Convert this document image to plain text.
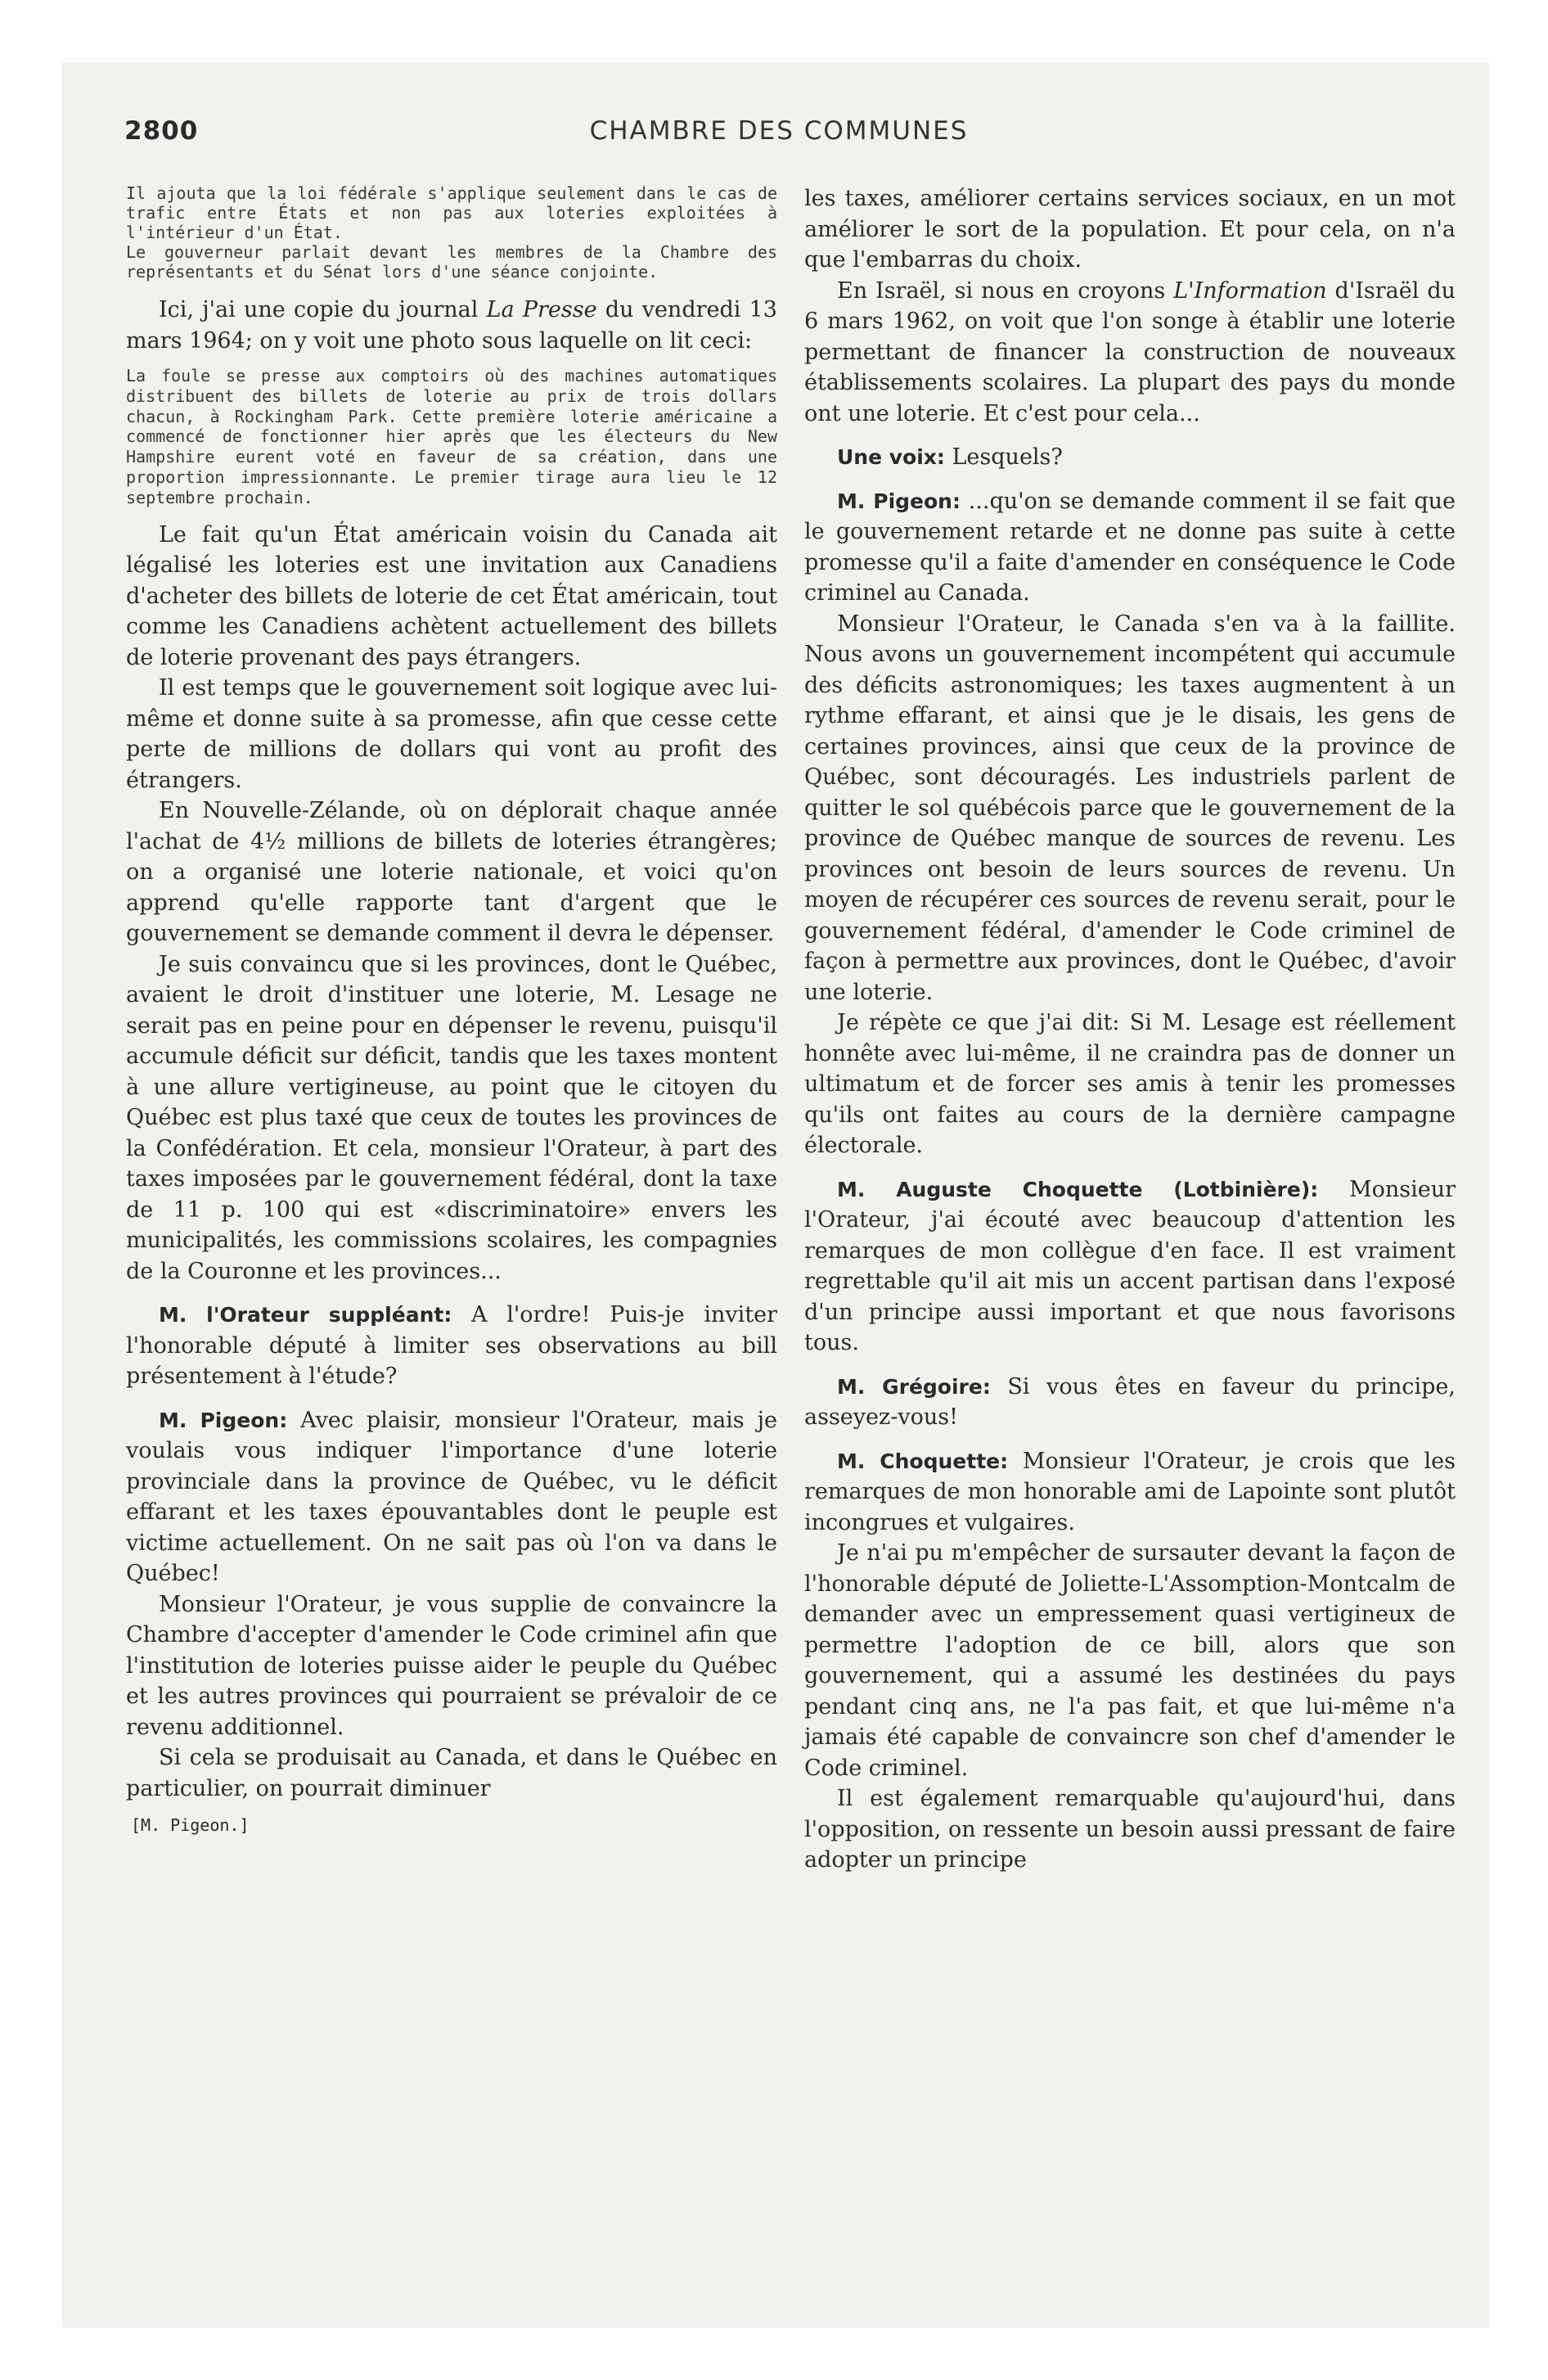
2800	CHAMBRE DES COMMUNES

Il ajouta que la loi fédérale s'applique seulement dans le cas de trafic entre États et non pas aux loteries exploitées à l'intérieur d'un État.

Le gouverneur parlait devant les membres de la Chambre des représentants et du Sénat lors d'une séance conjointe.

Ici, j'ai une copie du journal La Presse du vendredi 13 mars 1964; on y voit une photo sous laquelle on lit ceci:

La foule se presse aux comptoirs où des machines automatiques distribuent des billets de loterie au prix de trois dollars chacun, à Rockingham Park. Cette première loterie américaine a commencé de fonctionner hier après que les électeurs du New Hampshire eurent voté en faveur de sa création, dans une proportion impressionnante. Le premier tirage aura lieu le 12 septembre prochain.

Le fait qu'un État américain voisin du Canada ait légalisé les loteries est une invitation aux Canadiens d'acheter des billets de loterie de cet État américain, tout comme les Canadiens achètent actuellement des billets de loterie provenant des pays étrangers.

Il est temps que le gouvernement soit logique avec lui-même et donne suite à sa promesse, afin que cesse cette perte de millions de dollars qui vont au profit des étrangers.

En Nouvelle-Zélande, où on déplorait chaque année l'achat de 4½ millions de billets de loteries étrangères; on a organisé une loterie nationale, et voici qu'on apprend qu'elle rapporte tant d'argent que le gouvernement se demande comment il devra le dépenser.

Je suis convaincu que si les provinces, dont le Québec, avaient le droit d'instituer une loterie, M. Lesage ne serait pas en peine pour en dépenser le revenu, puisqu'il accumule déficit sur déficit, tandis que les taxes montent à une allure vertigineuse, au point que le citoyen du Québec est plus taxé que ceux de toutes les provinces de la Confédération. Et cela, monsieur l'Orateur, à part des taxes imposées par le gouvernement fédéral, dont la taxe de 11 p. 100 qui est «discriminatoire» envers les municipalités, les commissions scolaires, les compagnies de la Couronne et les provinces...

M. l'Orateur suppléant: A l'ordre! Puis-je inviter l'honorable député à limiter ses observations au bill présentement à l'étude?

M. Pigeon: Avec plaisir, monsieur l'Orateur, mais je voulais vous indiquer l'importance d'une loterie provinciale dans la province de Québec, vu le déficit effarant et les taxes épouvantables dont le peuple est victime actuellement. On ne sait pas où l'on va dans le Québec!

Monsieur l'Orateur, je vous supplie de convaincre la Chambre d'accepter d'amender le Code criminel afin que l'institution de loteries puisse aider le peuple du Québec et les autres provinces qui pourraient se prévaloir de ce revenu additionnel.

Si cela se produisait au Canada, et dans le Québec en particulier, on pourrait diminuer

[M. Pigeon.]

les taxes, améliorer certains services sociaux, en un mot améliorer le sort de la population. Et pour cela, on n'a que l'embarras du choix.

En Israël, si nous en croyons L'Information d'Israël du 6 mars 1962, on voit que l'on songe à établir une loterie permettant de financer la construction de nouveaux établissements scolaires. La plupart des pays du monde ont une loterie. Et c'est pour cela...

Une voix: Lesquels?

M. Pigeon: ...qu'on se demande comment il se fait que le gouvernement retarde et ne donne pas suite à cette promesse qu'il a faite d'amender en conséquence le Code criminel au Canada.

Monsieur l'Orateur, le Canada s'en va à la faillite. Nous avons un gouvernement incompétent qui accumule des déficits astronomiques; les taxes augmentent à un rythme effarant, et ainsi que je le disais, les gens de certaines provinces, ainsi que ceux de la province de Québec, sont découragés. Les industriels parlent de quitter le sol québécois parce que le gouvernement de la province de Québec manque de sources de revenu. Les provinces ont besoin de leurs sources de revenu. Un moyen de récupérer ces sources de revenu serait, pour le gouvernement fédéral, d'amender le Code criminel de façon à permettre aux provinces, dont le Québec, d'avoir une loterie.

Je répète ce que j'ai dit: Si M. Lesage est réellement honnête avec lui-même, il ne craindra pas de donner un ultimatum et de forcer ses amis à tenir les promesses qu'ils ont faites au cours de la dernière campagne électorale.

M. Auguste Choquette (Lotbinière): Monsieur l'Orateur, j'ai écouté avec beaucoup d'attention les remarques de mon collègue d'en face. Il est vraiment regrettable qu'il ait mis un accent partisan dans l'exposé d'un principe aussi important et que nous favorisons tous.

M. Grégoire: Si vous êtes en faveur du principe, asseyez-vous!

M. Choquette: Monsieur l'Orateur, je crois que les remarques de mon honorable ami de Lapointe sont plutôt incongrues et vulgaires.

Je n'ai pu m'empêcher de sursauter devant la façon de l'honorable député de Joliette-L'Assomption-Montcalm de demander avec un empressement quasi vertigineux de permettre l'adoption de ce bill, alors que son gouvernement, qui a assumé les destinées du pays pendant cinq ans, ne l'a pas fait, et que lui-même n'a jamais été capable de convaincre son chef d'amender le Code criminel.

Il est également remarquable qu'aujourd'hui, dans l'opposition, on ressente un besoin aussi pressant de faire adopter un principe
